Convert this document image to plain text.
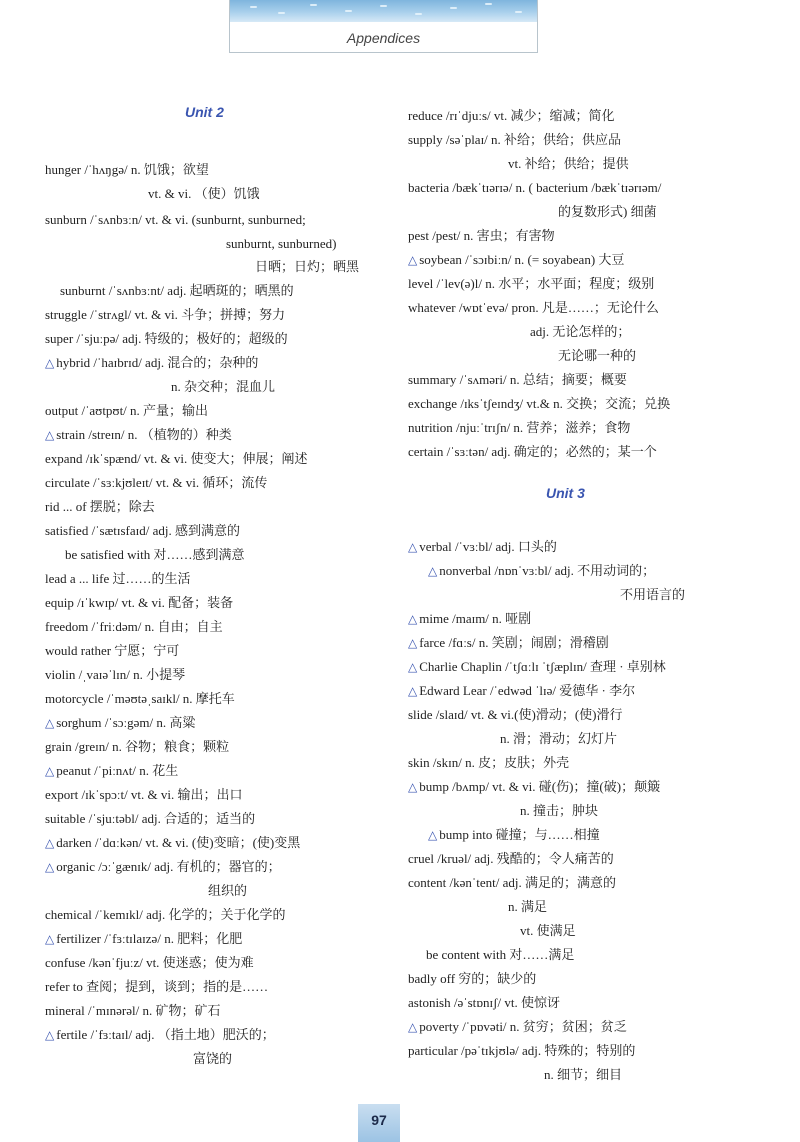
Appendices
Unit 2
hunger /ˈhʌŋgə/ n. 饥饿；欲望
vt. & vi. （使）饥饿
sunburn /ˈsʌnbɜːn/ vt. & vi. (sunburnt, sunburned;
sunburnt, sunburned)
日晒；日灼；晒黑
sunburnt /ˈsʌnbɜːnt/ adj. 起晒斑的；晒黑的
struggle /ˈstrʌgl/ vt. & vi. 斗争；拼搏；努力
super /ˈsjuːpə/ adj. 特级的；极好的；超级的
△ hybrid /ˈhaɪbrɪd/ adj. 混合的；杂种的
n. 杂交种；混血儿
output /ˈaʊtpʊt/ n. 产量；输出
△ strain /streɪn/ n. （植物的）种类
expand /ɪkˈspænd/ vt. & vi. 使变大；伸展；阐述
circulate /ˈsɜːkjʊleɪt/ vt. & vi. 循环；流传
rid ... of 摆脱；除去
satisfied /ˈsætɪsfaɪd/ adj. 感到满意的
be satisfied with 对……感到满意
lead a ... life 过……的生活
equip /ɪˈkwɪp/ vt. & vi. 配备；装备
freedom /ˈfriːdəm/ n. 自由；自主
would rather 宁愿；宁可
violin /ˌvaɪəˈlɪn/ n. 小提琴
motorcycle /ˈməʊtəˌsaɪkl/ n. 摩托车
△ sorghum /ˈsɔːgəm/ n. 高粱
grain /greɪn/ n. 谷物；粮食；颗粒
△ peanut /ˈpiːnʌt/ n. 花生
export /ɪkˈspɔːt/ vt. & vi. 输出；出口
suitable /ˈsjuːtəbl/ adj. 合适的；适当的
△ darken /ˈdɑːkən/ vt. & vi. (使)变暗；(使)变黑
△ organic /ɔːˈgænɪk/ adj. 有机的；器官的；
组织的
chemical /ˈkemɪkl/ adj. 化学的；关于化学的
△ fertilizer /ˈfɜːtɪlaɪzə/ n. 肥料；化肥
confuse /kənˈfjuːz/ vt. 使迷惑；使为难
refer to 查阅；提到，谈到；指的是……
mineral /ˈmɪnərəl/ n. 矿物；矿石
△ fertile /ˈfɜːtaɪl/ adj. （指土地）肥沃的；
富饶的
Unit 3
reduce /rɪˈdjuːs/ vt. 减少；缩减；简化
supply /səˈplaɪ/ n. 补给；供给；供应品
vt. 补给；供给；提供
bacteria /bækˈtɪərɪə/ n. ( bacterium /bækˈtɪərɪəm/
的复数形式) 细菌
pest /pest/ n. 害虫；有害物
△ soybean /ˈsɔɪbiːn/ n. (= soyabean) 大豆
level /ˈlev(ə)l/ n. 水平；水平面；程度；级别
whatever /wɒtˈevə/ pron. 凡是……；无论什么
adj. 无论怎样的；
无论哪一种的
summary /ˈsʌməri/ n. 总结；摘要；概要
exchange /ɪksˈtʃeɪndʒ/ vt.& n. 交换；交流；兑换
nutrition /njuːˈtrɪʃn/ n. 营养；滋养；食物
certain /ˈsɜːtən/ adj. 确定的；必然的；某一个
△ verbal /ˈvɜːbl/ adj. 口头的
△ nonverbal /nɒnˈvɜːbl/ adj. 不用动词的；
不用语言的
△ mime /maɪm/ n. 哑剧
△ farce /fɑːs/ n. 笑剧；闹剧；滑稽剧
△ Charlie Chaplin /ˈtʃɑːlɪ ˈtʃæplɪn/ 查理 · 卓别林
△ Edward Lear /ˈedwəd ˈlɪə/ 爱德华 · 李尔
slide /slaɪd/ vt. & vi.(使)滑动；(使)滑行
n. 滑；滑动；幻灯片
skin /skɪn/ n. 皮；皮肤；外壳
△ bump /bʌmp/ vt. & vi. 碰(伤)；撞(破)；颠簸
n. 撞击；肿块
△ bump into 碰撞；与……相撞
cruel /kruəl/ adj. 残酷的；令人痛苦的
content /kənˈtent/ adj. 满足的；满意的
n. 满足
vt. 使满足
be content with 对……满足
badly off 穷的；缺少的
astonish /əˈstɒnɪʃ/ vt. 使惊讶
△ poverty /ˈpɒvəti/ n. 贫穷；贫困；贫乏
particular /pəˈtɪkjʊlə/ adj. 特殊的；特别的
n. 细节；细目
97
